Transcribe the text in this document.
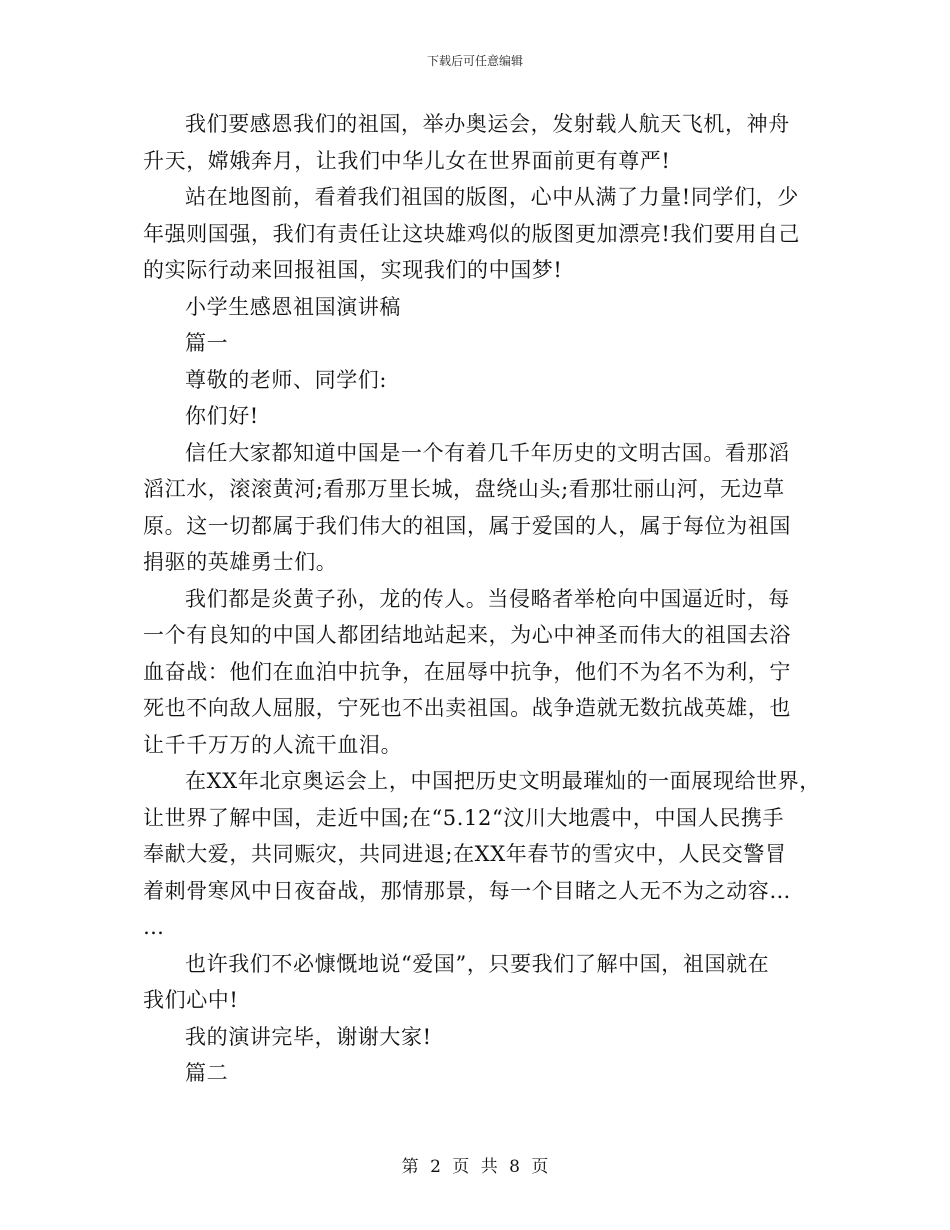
下载后可任意编辑

我们要感恩我们的祖国，举办奥运会，发射载人航天飞机，神舟
升天，嫦娥奔月，让我们中华儿女在世界面前更有尊严!

站在地图前，看着我们祖国的版图，心中从满了力量!同学们，少
年强则国强，我们有责任让这块雄鸡似的版图更加漂亮!我们要用自己
的实际行动来回报祖国，实现我们的中国梦!

小学生感恩祖国演讲稿

篇一

尊敬的老师、同学们:

你们好!

信任大家都知道中国是一个有着几千年历史的文明古国。看那滔
滔江水，滚滚黄河;看那万里长城，盘绕山头;看那壮丽山河，无边草
原。这一切都属于我们伟大的祖国，属于爱国的人，属于每位为祖国
捐驱的英雄勇士们。

我们都是炎黄子孙，龙的传人。当侵略者举枪向中国逼近时，每
一个有良知的中国人都团结地站起来，为心中神圣而伟大的祖国去浴
血奋战：他们在血泊中抗争，在屈辱中抗争，他们不为名不为利，宁
死也不向敌人屈服，宁死也不出卖祖国。战争造就无数抗战英雄，也
让千千万万的人流干血泪。

在XX年北京奥运会上，中国把历史文明最璀灿的一面展现给世界，
让世界了解中国，走近中国;在“5.12“汶川大地震中，中国人民携手
奉献大爱，共同赈灾，共同进退;在XX年春节的雪灾中，人民交警冒
着刺骨寒风中日夜奋战，那情那景，每一个目睹之人无不为之动容…
…

也许我们不必慷慨地说“爱国”，只要我们了解中国，祖国就在
我们心中!

我的演讲完毕，谢谢大家!

篇二

第 2 页 共 8 页
